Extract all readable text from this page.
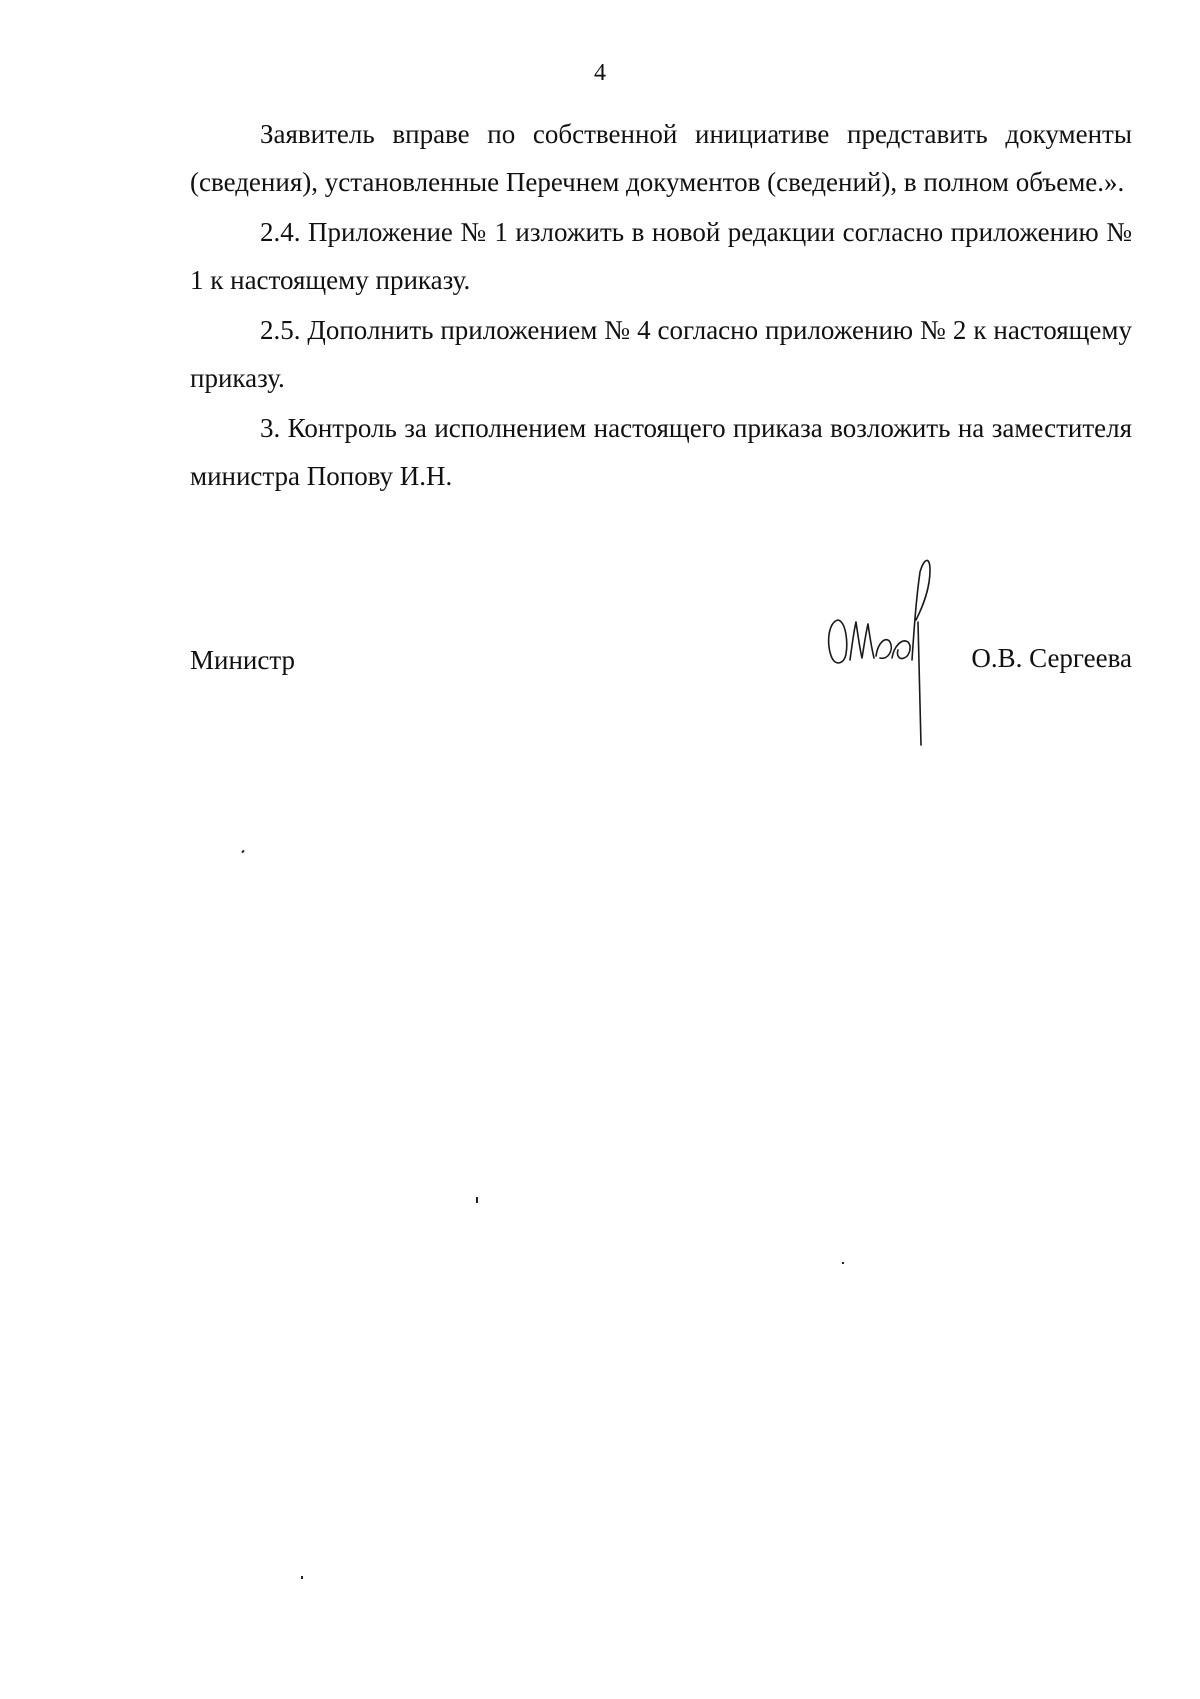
4

Заявитель вправе по собственной инициативе представить документы (сведения), установленные Перечнем документов (сведений), в полном объеме.».

2.4. Приложение № 1 изложить в новой редакции согласно приложению № 1 к настоящему приказу.

2.5. Дополнить приложением № 4 согласно приложению № 2 к настоящему приказу.

3. Контроль за исполнением настоящего приказа возложить на заместителя министра Попову И.Н.

Министр	О.В. Сергеева
